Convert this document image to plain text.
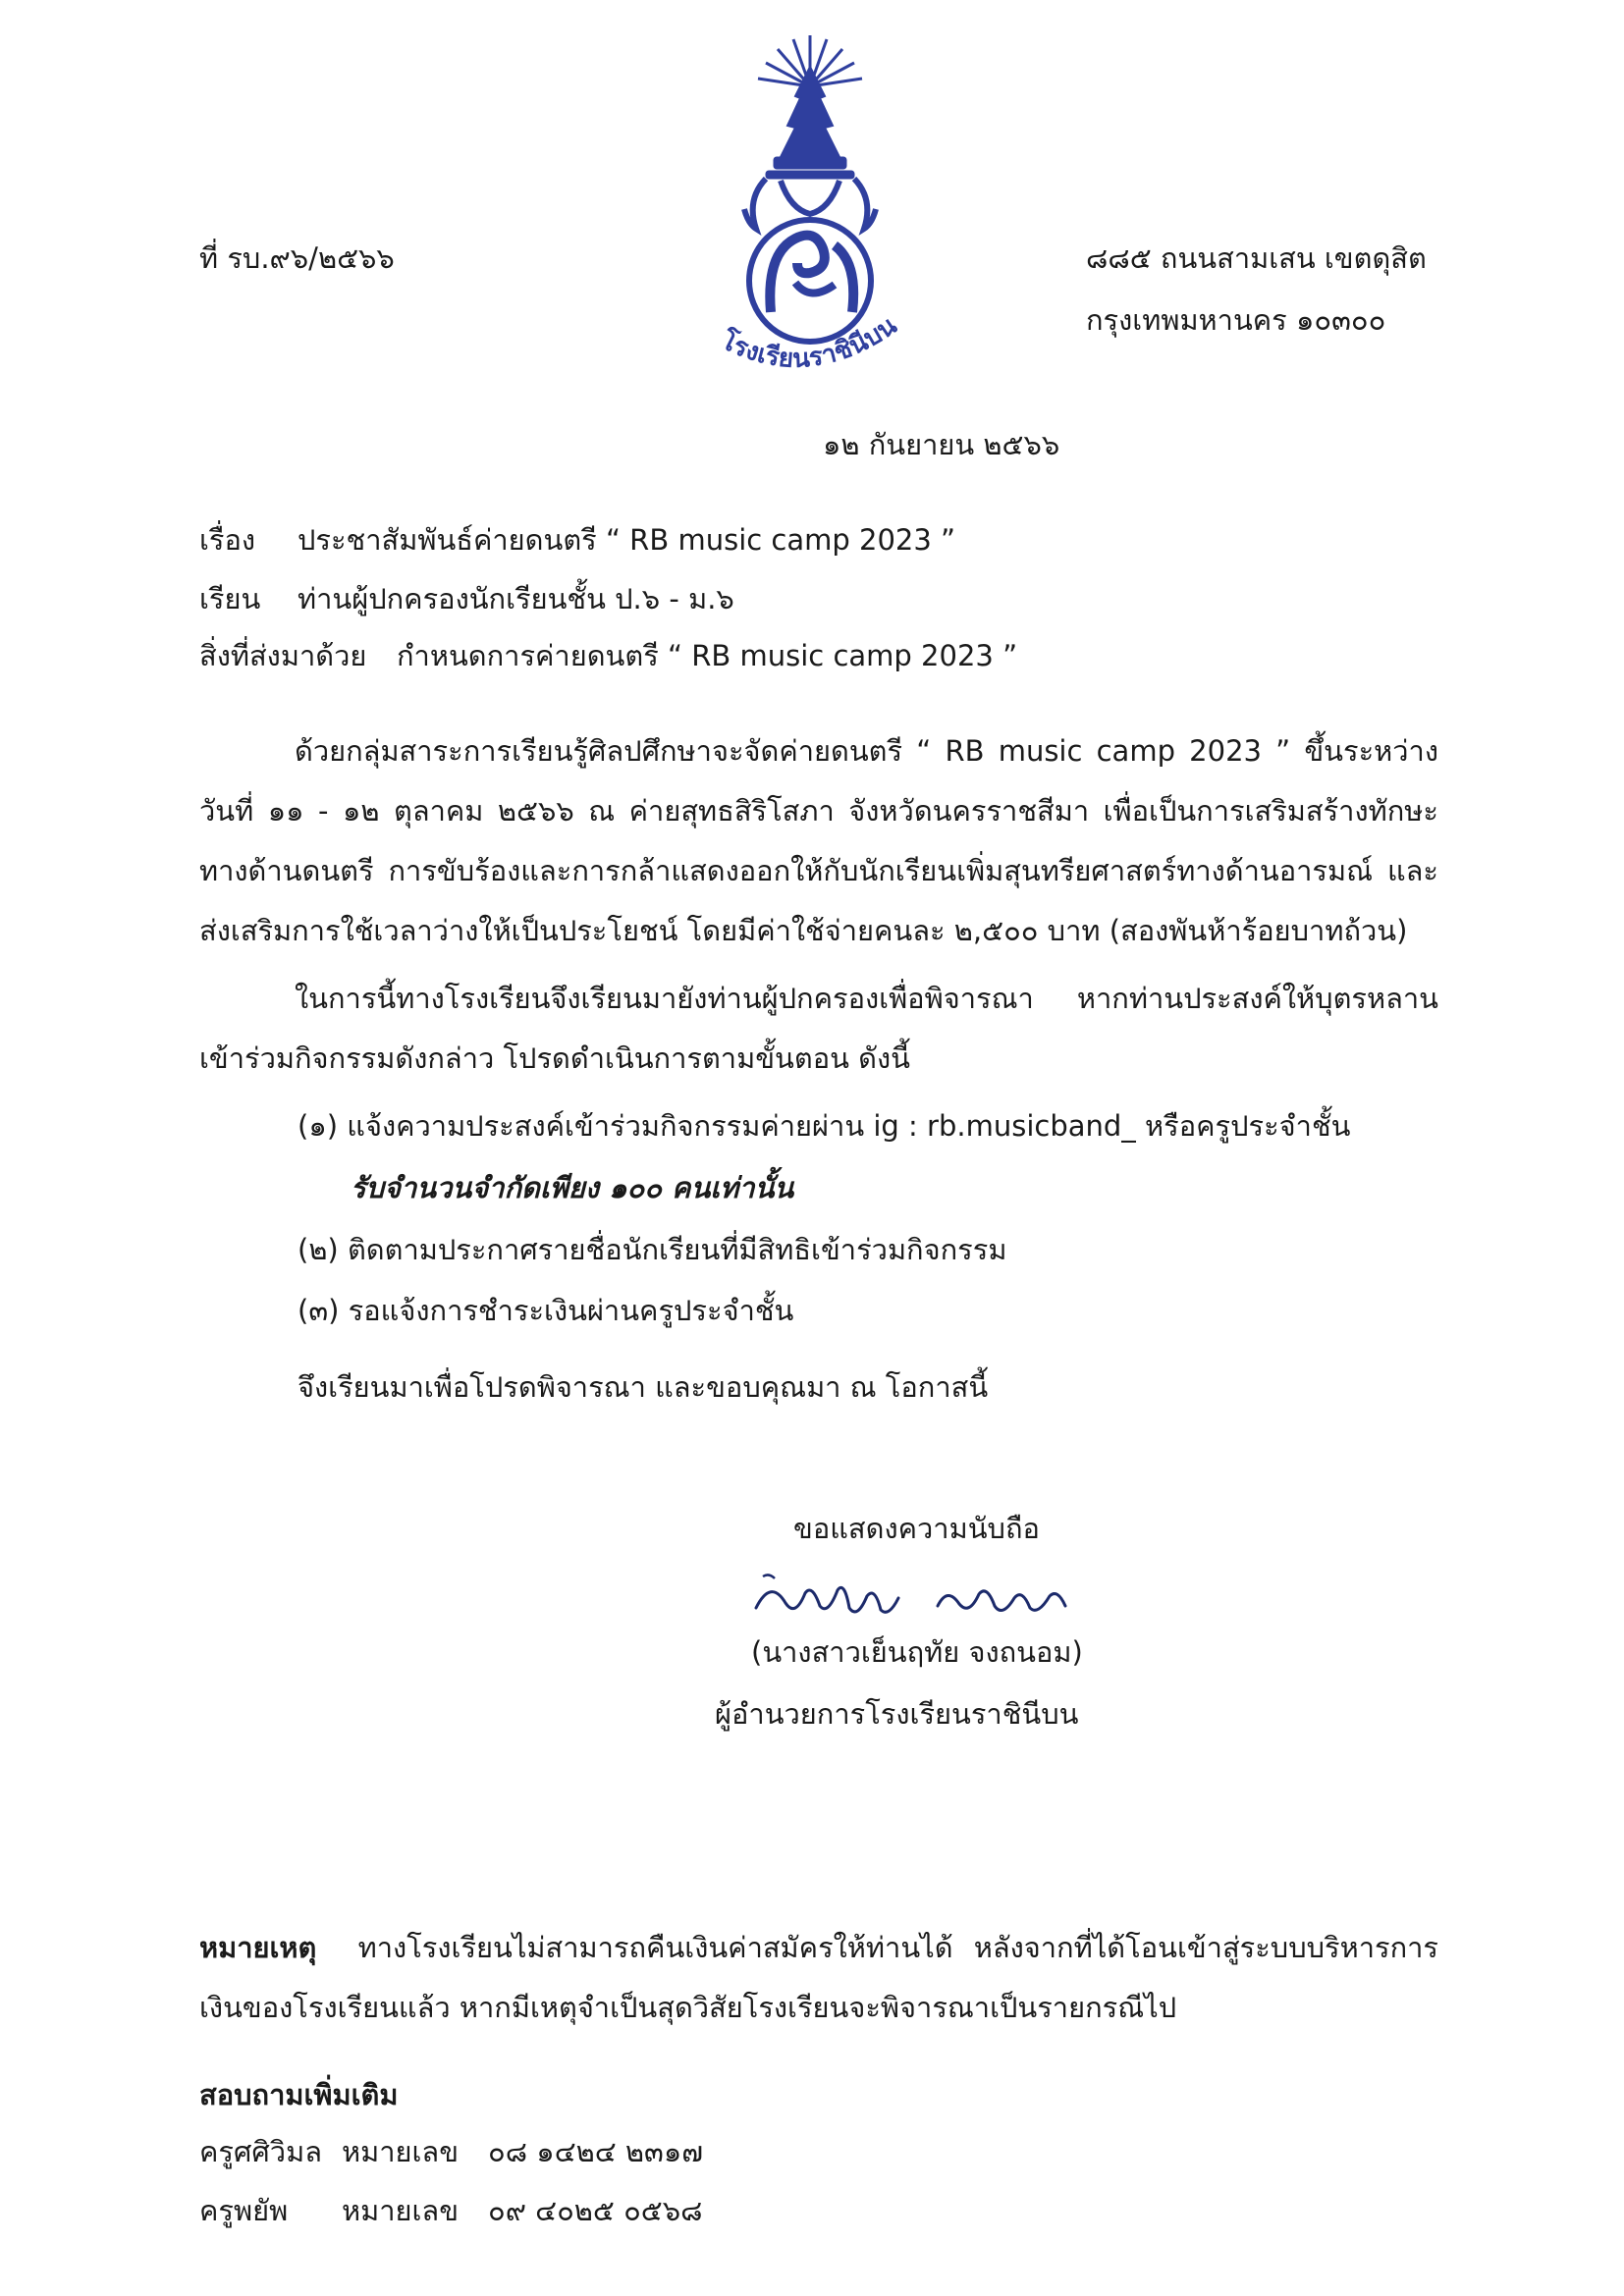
โรงเรียนราชินีบน
ที่ รบ.๙๖/๒๕๖๖	๘๘๕ ถนนสามเสน เขตดุสิต
กรุงเทพมหานคร ๑๐๓๐๐
๑๒ กันยายน ๒๕๖๖
เรื่อง ประชาสัมพันธ์ค่ายดนตรี “ RB music camp 2023 ”
เรียน ท่านผู้ปกครองนักเรียนชั้น ป.๖ - ม.๖
สิ่งที่ส่งมาด้วย กำหนดการค่ายดนตรี “ RB music camp 2023 ”
ด้วยกลุ่มสาระการเรียนรู้ศิลปศึกษาจะจัดค่ายดนตรี “ RB music camp 2023 ” ขึ้นระหว่างวันที่ ๑๑ - ๑๒ ตุลาคม ๒๕๖๖ ณ ค่ายสุทธสิริโสภา จังหวัดนครราชสีมา เพื่อเป็นการเสริมสร้างทักษะทางด้านดนตรี การขับร้องและการกล้าแสดงออกให้กับนักเรียนเพิ่มสุนทรียศาสตร์ทางด้านอารมณ์ และส่งเสริมการใช้เวลาว่างให้เป็นประโยชน์ โดยมีค่าใช้จ่ายคนละ ๒,๕๐๐ บาท (สองพันห้าร้อยบาทถ้วน)
ในการนี้ทางโรงเรียนจึงเรียนมายังท่านผู้ปกครองเพื่อพิจารณา หากท่านประสงค์ให้บุตรหลานเข้าร่วมกิจกรรมดังกล่าว โปรดดำเนินการตามขั้นตอน ดังนี้
(๑) แจ้งความประสงค์เข้าร่วมกิจกรรมค่ายผ่าน ig : rb.musicband_ หรือครูประจำชั้น
รับจำนวนจำกัดเพียง ๑๐๐ คนเท่านั้น
(๒) ติดตามประกาศรายชื่อนักเรียนที่มีสิทธิเข้าร่วมกิจกรรม
(๓) รอแจ้งการชำระเงินผ่านครูประจำชั้น
จึงเรียนมาเพื่อโปรดพิจารณา และขอบคุณมา ณ โอกาสนี้
ขอแสดงความนับถือ
(นางสาวเย็นฤทัย จงถนอม)
ผู้อำนวยการโรงเรียนราชินีบน
หมายเหตุ ทางโรงเรียนไม่สามารถคืนเงินค่าสมัครให้ท่านได้ หลังจากที่ได้โอนเข้าสู่ระบบบริหารการเงินของโรงเรียนแล้ว หากมีเหตุจำเป็นสุดวิสัยโรงเรียนจะพิจารณาเป็นรายกรณีไป
สอบถามเพิ่มเติม
ครูศศิวิมล หมายเลข ๐๘ ๑๔๒๔ ๒๓๑๗
ครูพยัพ หมายเลข ๐๙ ๔๐๒๕ ๐๕๖๘
